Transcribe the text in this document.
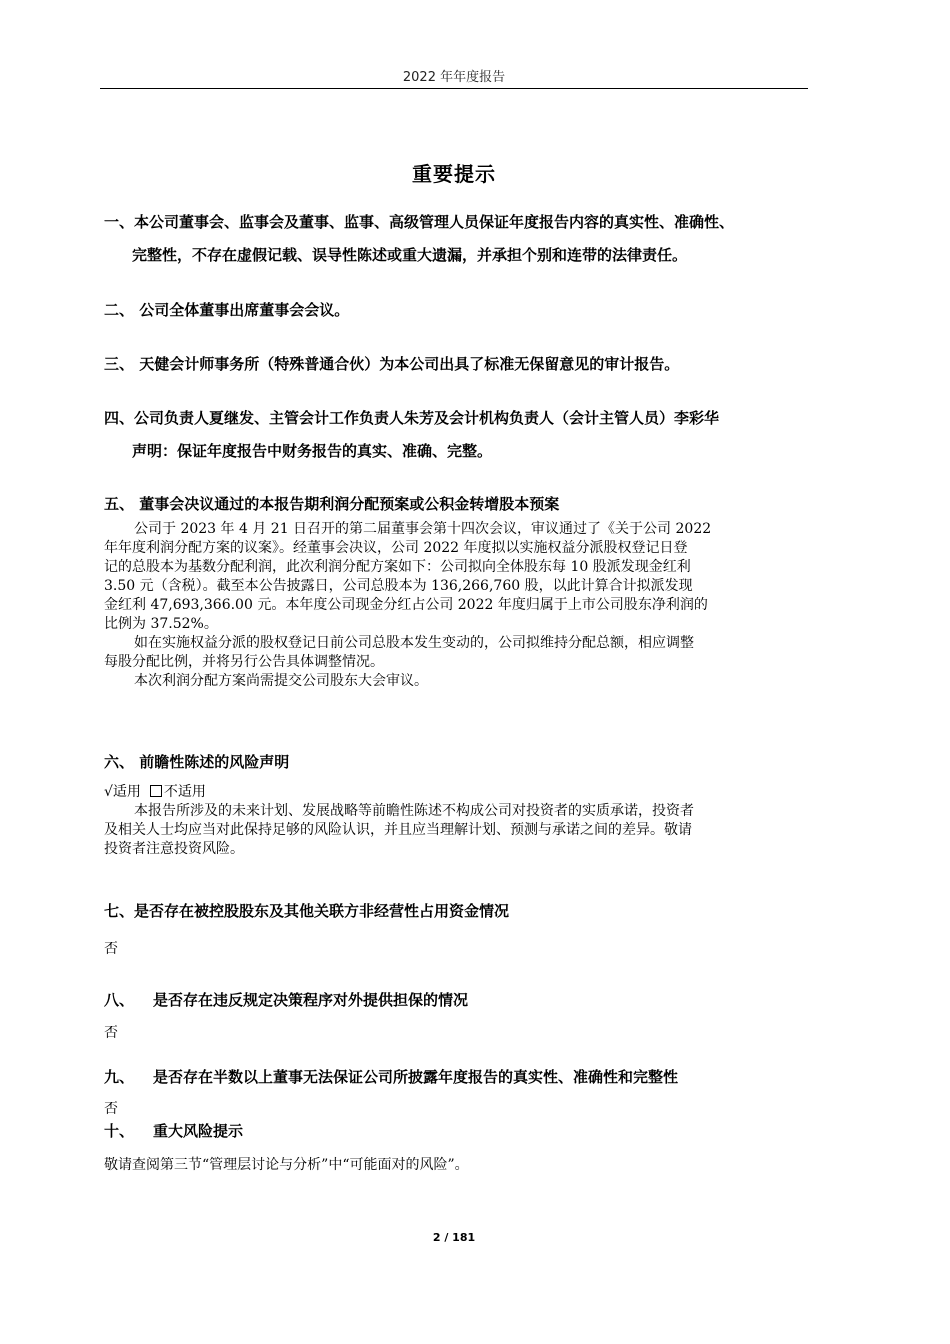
2022 年年度报告
重要提示
一、本公司董事会、监事会及董事、监事、高级管理人员保证年度报告内容的真实性、准确性、
完整性，不存在虚假记载、误导性陈述或重大遗漏，并承担个别和连带的法律责任。
二、 公司全体董事出席董事会会议。
三、 天健会计师事务所（特殊普通合伙）为本公司出具了标准无保留意见的审计报告。
四、公司负责人夏继发、主管会计工作负责人朱芳及会计机构负责人（会计主管人员）李彩华
声明：保证年度报告中财务报告的真实、准确、完整。
五、 董事会决议通过的本报告期利润分配预案或公积金转增股本预案
公司于 2023 年 4 月 21 日召开的第二届董事会第十四次会议，审议通过了《关于公司 2022
年年度利润分配方案的议案》。经董事会决议，公司 2022 年度拟以实施权益分派股权登记日登
记的总股本为基数分配利润，此次利润分配方案如下：公司拟向全体股东每 10 股派发现金红利
3.50 元（含税）。截至本公告披露日，公司总股本为 136,266,760 股，以此计算合计拟派发现
金红利 47,693,366.00 元。本年度公司现金分红占公司 2022 年度归属于上市公司股东净利润的
比例为 37.52%。
如在实施权益分派的股权登记日前公司总股本发生变动的，公司拟维持分配总额，相应调整
每股分配比例，并将另行公告具体调整情况。
本次利润分配方案尚需提交公司股东大会审议。
六、 前瞻性陈述的风险声明
√适用 不适用
本报告所涉及的未来计划、发展战略等前瞻性陈述不构成公司对投资者的实质承诺，投资者
及相关人士均应当对此保持足够的风险认识，并且应当理解计划、预测与承诺之间的差异。敬请
投资者注意投资风险。
七、是否存在被控股股东及其他关联方非经营性占用资金情况
否
八、 是否存在违反规定决策程序对外提供担保的情况
否
九、 是否存在半数以上董事无法保证公司所披露年度报告的真实性、准确性和完整性
否
十、 重大风险提示
敬请查阅第三节“管理层讨论与分析”中“可能面对的风险”。
2 / 181
